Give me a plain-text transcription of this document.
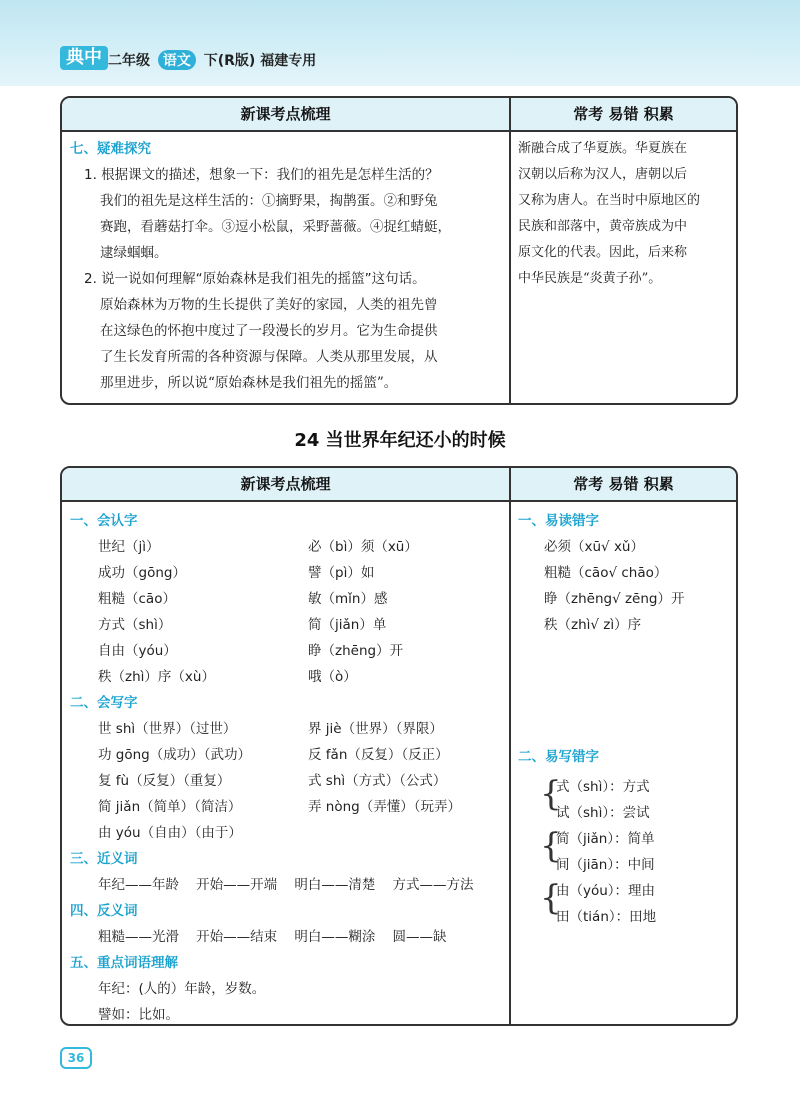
典中 二年级 语文 下(R版) 福建专用
新课考点梳理	常考 易错 积累
七、疑难探究
1. 根据课文的描述，想象一下：我们的祖先是怎样生活的？
我们的祖先是这样生活的：①摘野果，掏鹊蛋。②和野兔
赛跑，看蘑菇打伞。③逗小松鼠，采野蔷薇。④捉红蜻蜓，
逮绿蝈蝈。
2. 说一说如何理解“原始森林是我们祖先的摇篮”这句话。
原始森林为万物的生长提供了美好的家园，人类的祖先曾
在这绿色的怀抱中度过了一段漫长的岁月。它为生命提供
了生长发育所需的各种资源与保障。人类从那里发展，从
那里进步，所以说“原始森林是我们祖先的摇篮”。
渐融合成了华夏族。华夏族在
汉朝以后称为汉人，唐朝以后
又称为唐人。在当时中原地区的
民族和部落中，黄帝族成为中
原文化的代表。因此，后来称
中华民族是“炎黄子孙”。
24 当世界年纪还小的时候
新课考点梳理	常考 易错 积累
一、会认字
世纪（jì）
成功（gōng）
粗糙（cāo）
方式（shì）
自由（yóu）
秩（zhì）序（xù）
必（bì）须（xū）
譬（pì）如
敏（mǐn）感
简（jiǎn）单
睁（zhēng）开
哦（ò）
二、会写字
世 shì（世界）（过世）
功 gōng（成功）（武功）
复 fù（反复）（重复）
简 jiǎn（简单）（简洁）
由 yóu（自由）（由于）
界 jiè（世界）（界限）
反 fǎn（反复）（反正）
式 shì（方式）（公式）
弄 nòng（弄懂）（玩弄）
三、近义词
年纪——年龄    开始——开端    明白——清楚    方式——方法
四、反义词
粗糙——光滑    开始——结束    明白——糊涂    圆——缺
五、重点词语理解
年纪：(人的）年龄，岁数。
譬如：比如。
一、易读错字
必须（xū√ xǔ）
粗糙（cāo√ chāo）
睁（zhēng√ zēng）开
秩（zhì√ zì）序
二、易写错字
{
{
{
式（shì）：方式
试（shì）：尝试
简（jiǎn）：简单
间（jiān）：中间
由（yóu）：理由
田（tián）：田地
36
